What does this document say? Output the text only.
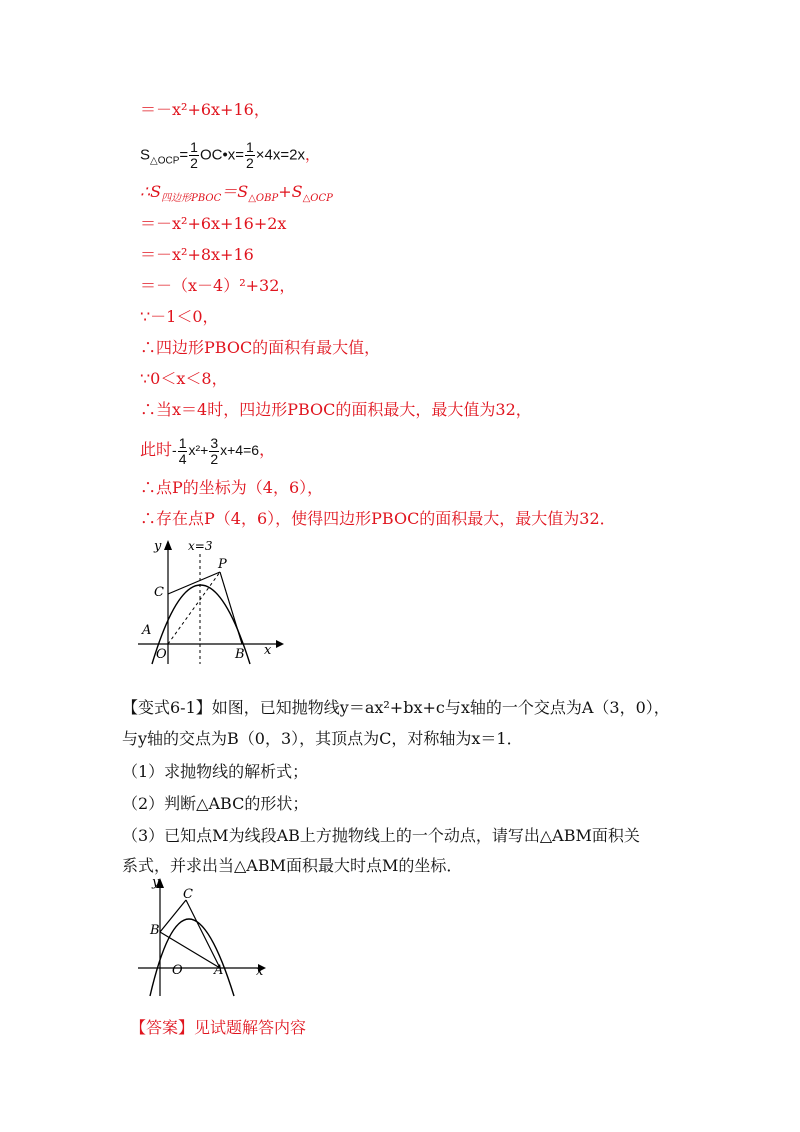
＝－x²+6x+16，
$S_{\triangle OCP}= \frac{1}{2}$ OC•x= $\frac{1}{2} \times 4x=2x$，
$\therefore S_{四边形PBOC}=S_{\triangle OBP}+S_{\triangle OCP}$
＝－x²+6x+16+2x
＝－x²+8x+16
＝－（x－4）²+32，
∵－1＜0，
∴四边形PBOC的面积有最大值，
∵0＜x＜8，
∴当x＝4时，四边形PBOC的面积最大，最大值为32，
此时- $\frac{1}{4} x^2+ \frac{3}{2} x+4=6$，
∴点P的坐标为（4，6），
∴存在点P（4，6），使得四边形PBOC的面积最大，最大值为32．
y
x
x=3
P
C
A
O	B
【变式6-1】如图，已知抛物线y＝ax²+bx+c与x轴的一个交点为A（3，0），
与y轴的交点为B（0，3），其顶点为C，对称轴为x＝1．
（1）求抛物线的解析式；
（2）判断△ABC的形状；
（3）已知点M为线段AB上方抛物线上的一个动点，请写出△ABM面积关
系式，并求出当△ABM面积最大时点M的坐标．
y
x
C
B
O A
【答案】见试题解答内容
